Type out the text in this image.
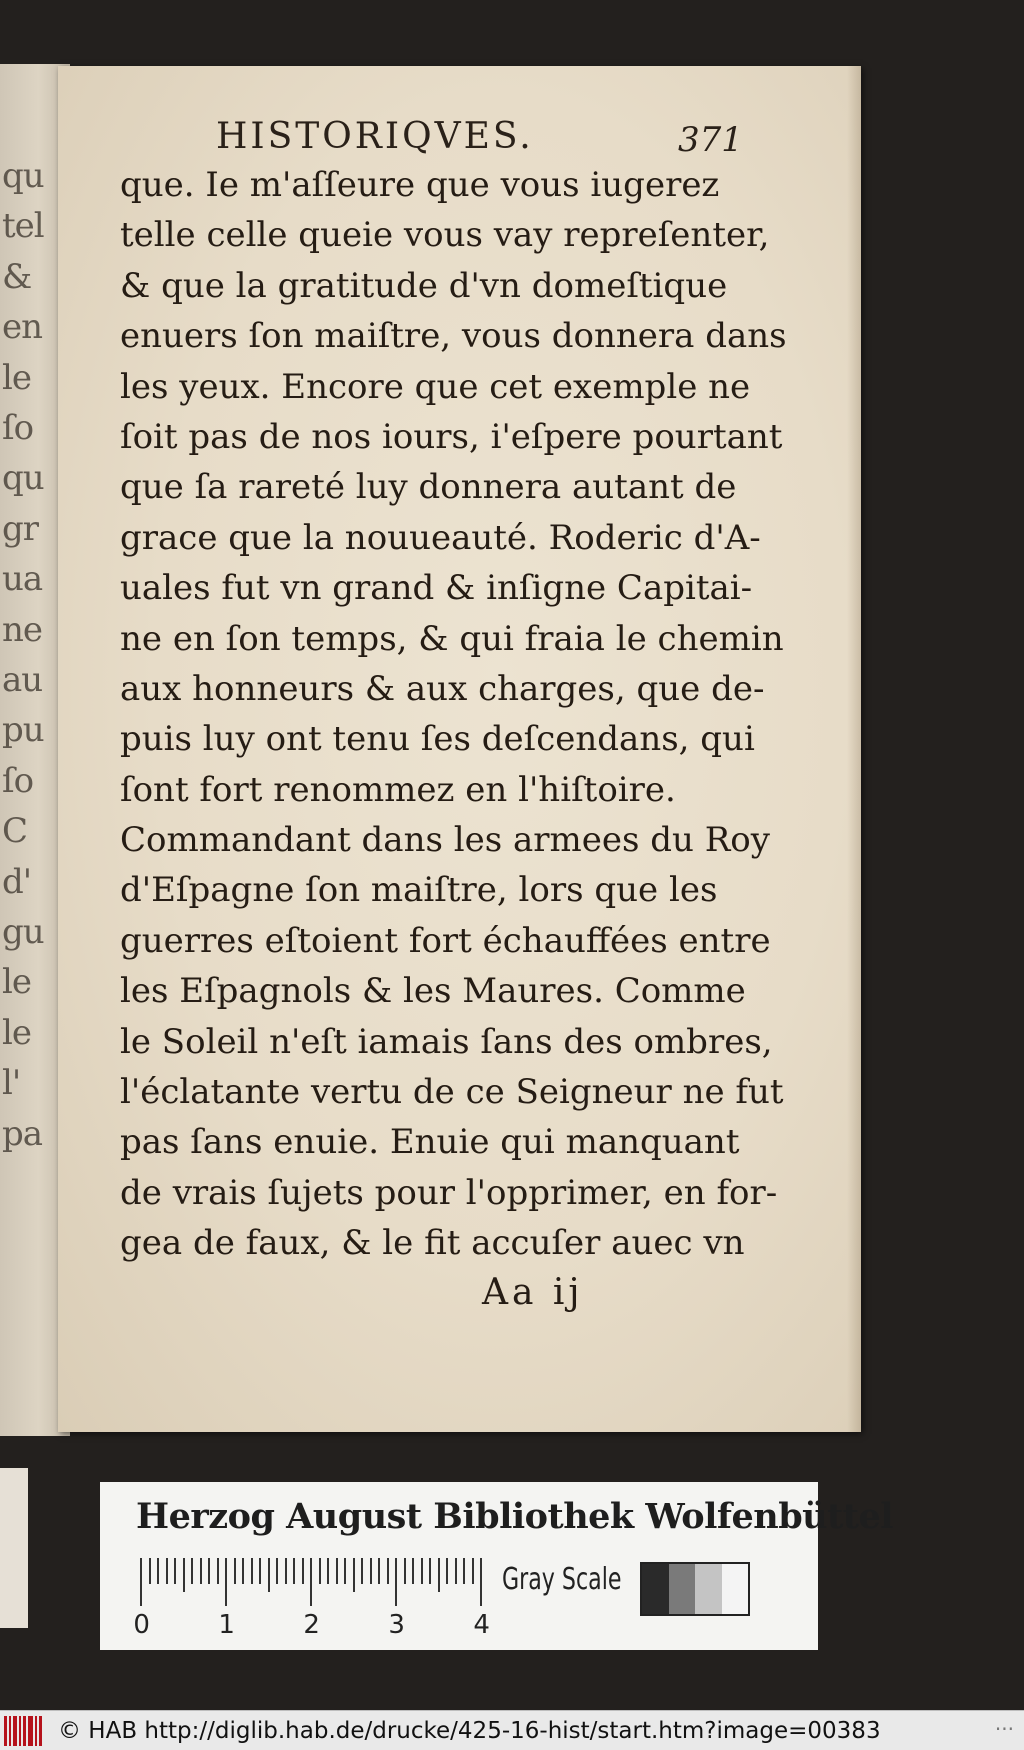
qu
tel
&
en
le
ſo
qu
gr
ua
ne
au
pu
ſo
C
d'
gu
le
le
l'
pa
HISTORIQVES.	371
que. Ie m'aſſeure que vous iugerez
telle celle queie vous vay repreſenter,
& que la gratitude d'vn domeſtique
enuers ſon maiſtre, vous donnera dans
les yeux. Encore que cet exemple ne
ſoit pas de nos iours, i'eſpere pourtant
que ſa rareté luy donnera autant de
grace que la nouueauté. Roderic d'A-
uales fut vn grand & inſigne Capitai-
ne en ſon temps, & qui fraia le chemin
aux honneurs & aux charges, que de-
puis luy ont tenu ſes deſcendans, qui
ſont fort renommez en l'hiſtoire.
Commandant dans les armees du Roy
d'Eſpagne ſon maiſtre, lors que les
guerres eſtoient fort échauffées entre
les Eſpagnols & les Maures. Comme
le Soleil n'eſt iamais ſans des ombres,
l'éclatante vertu de ce Seigneur ne fut
pas ſans enuie. Enuie qui manquant
de vrais ſujets pour l'opprimer, en for-
gea de faux, & le fit accuſer auec vn
Aa ij
Herzog August Bibliothek Wolfenbüttel
0	1	2	3	4
Gray Scale
© HAB http://diglib.hab.de/drucke/425-16-hist/start.htm?image=00383	···
